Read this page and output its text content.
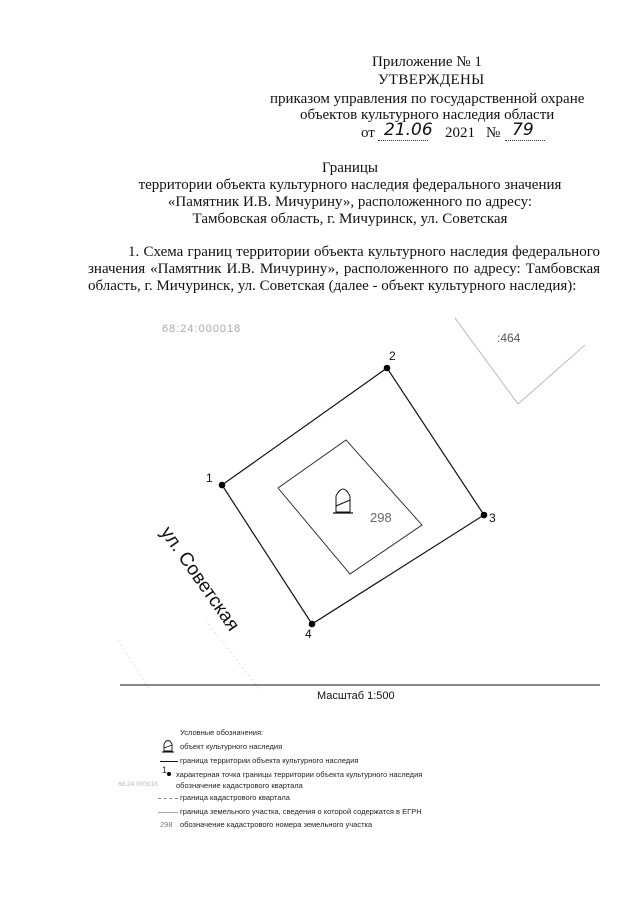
Приложение № 1
УТВЕРЖДЕНЫ
приказом управления по государственной охране
объектов культурного наследия области
от 21.06 2021 № 79
Границы
территории объекта культурного наследия федерального значения
«Памятник И.В. Мичурину», расположенного по адресу:
Тамбовская область, г. Мичуринск, ул. Советская
1. Схема границ территории объекта культурного наследия федерального значения «Памятник И.В. Мичурину», расположенного по адресу: Тамбовская область, г. Мичуринск, ул. Советская (далее - объект культурного наследия):
68:24:000018
:464
298
1
2
3
4
ул. Советская
Масштаб 1:500
Условные обозначения:
объект культурного наследия
граница территории объекта культурного наследия
1 характерная точка границы территории объекта культурного наследия
68:24:000018 обозначение кадастрового квартала
граница кадастрового квартала
граница земельного участка, сведения о которой содержатся в ЕГРН
298 обозначение кадастрового номера земельного участка
